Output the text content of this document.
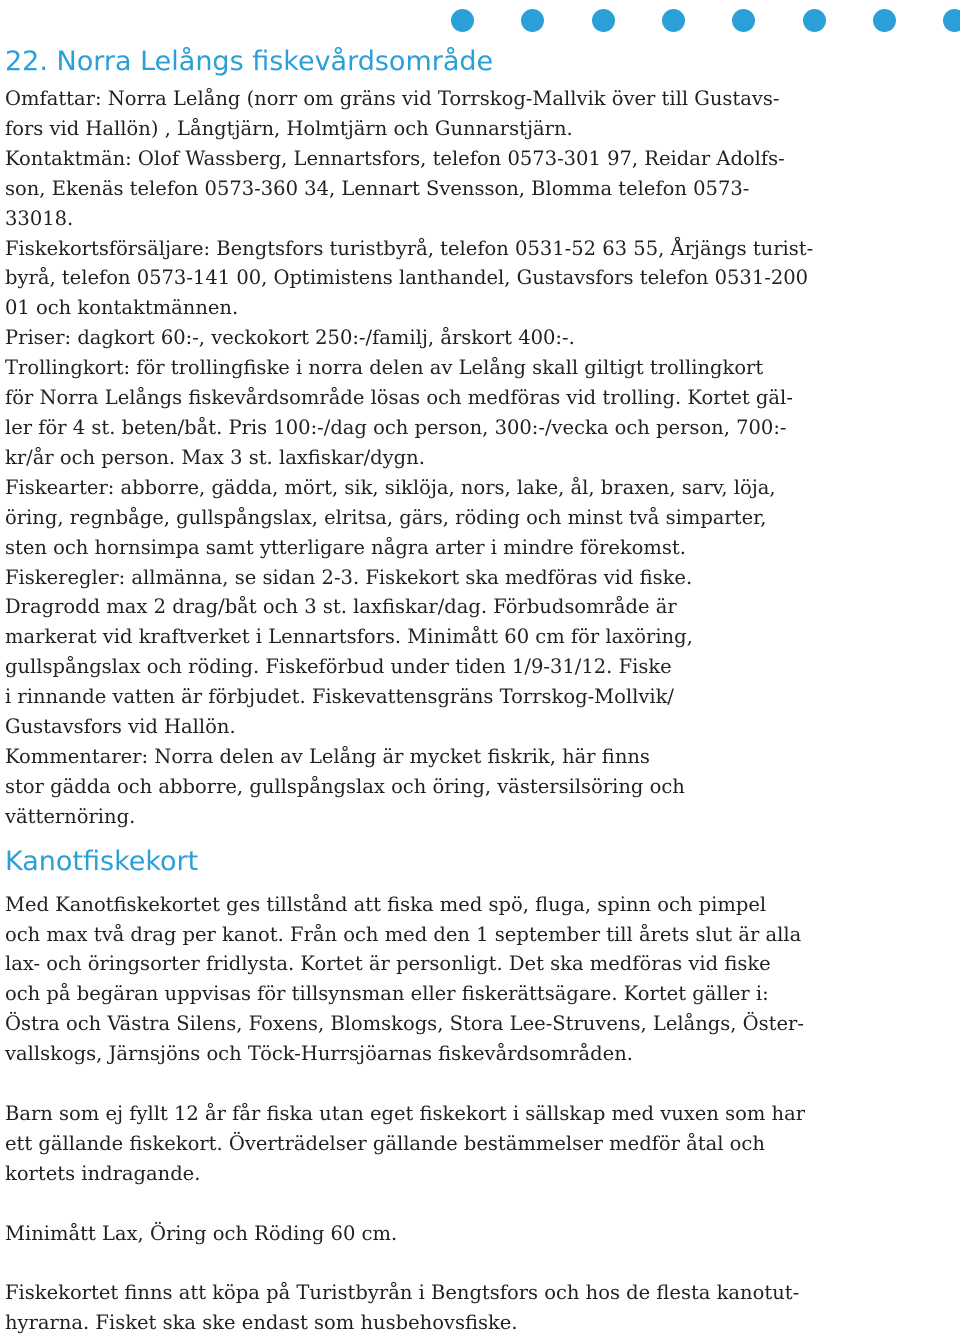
22. Norra Lelångs fiskevårdsområde

Omfattar: Norra Lelång (norr om gräns vid Torrskog-Mallvik över till Gustavs-

fors vid Hallön) , Långtjärn, Holmtjärn och Gunnarstjärn.

Kontaktmän: Olof Wassberg, Lennartsfors, telefon 0573-301 97, Reidar Adolfs-

son, Ekenäs telefon 0573-360 34, Lennart Svensson, Blomma telefon 0573-

33018.

Fiskekortsförsäljare: Bengtsfors turistbyrå, telefon 0531-52 63 55, Årjängs turist-

byrå, telefon 0573-141 00, Optimistens lanthandel, Gustavsfors telefon 0531-200

01 och kontaktmännen.

Priser: dagkort 60:-, veckokort 250:-/familj, årskort 400:-.

Trollingkort: för trollingfiske i norra delen av Lelång skall giltigt trollingkort

för Norra Lelångs fiskevårdsområde lösas och medföras vid trolling. Kortet gäl-

ler för 4 st. beten/båt. Pris 100:-/dag och person, 300:-/vecka och person, 700:-

kr/år och person. Max 3 st. laxfiskar/dygn.

Fiskearter: abborre, gädda, mört, sik, siklöja, nors, lake, ål, braxen, sarv, löja,

öring, regnbåge, gullspångslax, elritsa, gärs, röding och minst två simparter,

sten och hornsimpa samt ytterligare några arter i mindre förekomst.

Fiskeregler: allmänna, se sidan 2-3. Fiskekort ska medföras vid fiske.

Dragrodd max 2 drag/båt och 3 st. laxfiskar/dag. Förbudsområde är

markerat vid kraftverket i Lennartsfors. Minimått 60 cm för laxöring,

gullspångslax och röding. Fiskeförbud under tiden 1/9-31/12. Fiske

i rinnande vatten är förbjudet. Fiskevattensgräns Torrskog-Mollvik/

Gustavsfors vid Hallön.

Kommentarer: Norra delen av Lelång är mycket fiskrik, här finns

stor gädda och abborre, gullspångslax och öring, västersilsöring och

vätternöring.

Kanotfiskekort

Med Kanotfiskekortet ges tillstånd att fiska med spö, fluga, spinn och pimpel

och max två drag per kanot. Från och med den 1 september till årets slut är alla

lax- och öringsorter fridlysta. Kortet är personligt. Det ska medföras vid fiske

och på begäran uppvisas för tillsynsman eller fiskerättsägare. Kortet gäller i:

Östra och Västra Silens, Foxens, Blomskogs, Stora Lee-Struvens, Lelångs, Öster-

vallskogs, Järnsjöns och Töck-Hurrsjöarnas fiskevårdsområden.

Barn som ej fyllt 12 år får fiska utan eget fiskekort i sällskap med vuxen som har

ett gällande fiskekort. Överträdelser gällande bestämmelser medför åtal och

kortets indragande.

Minimått Lax, Öring och Röding 60 cm.

Fiskekortet finns att köpa på Turistbyrån i Bengtsfors och hos de flesta kanotut-

hyrarna. Fisket ska ske endast som husbehovsfiske.
